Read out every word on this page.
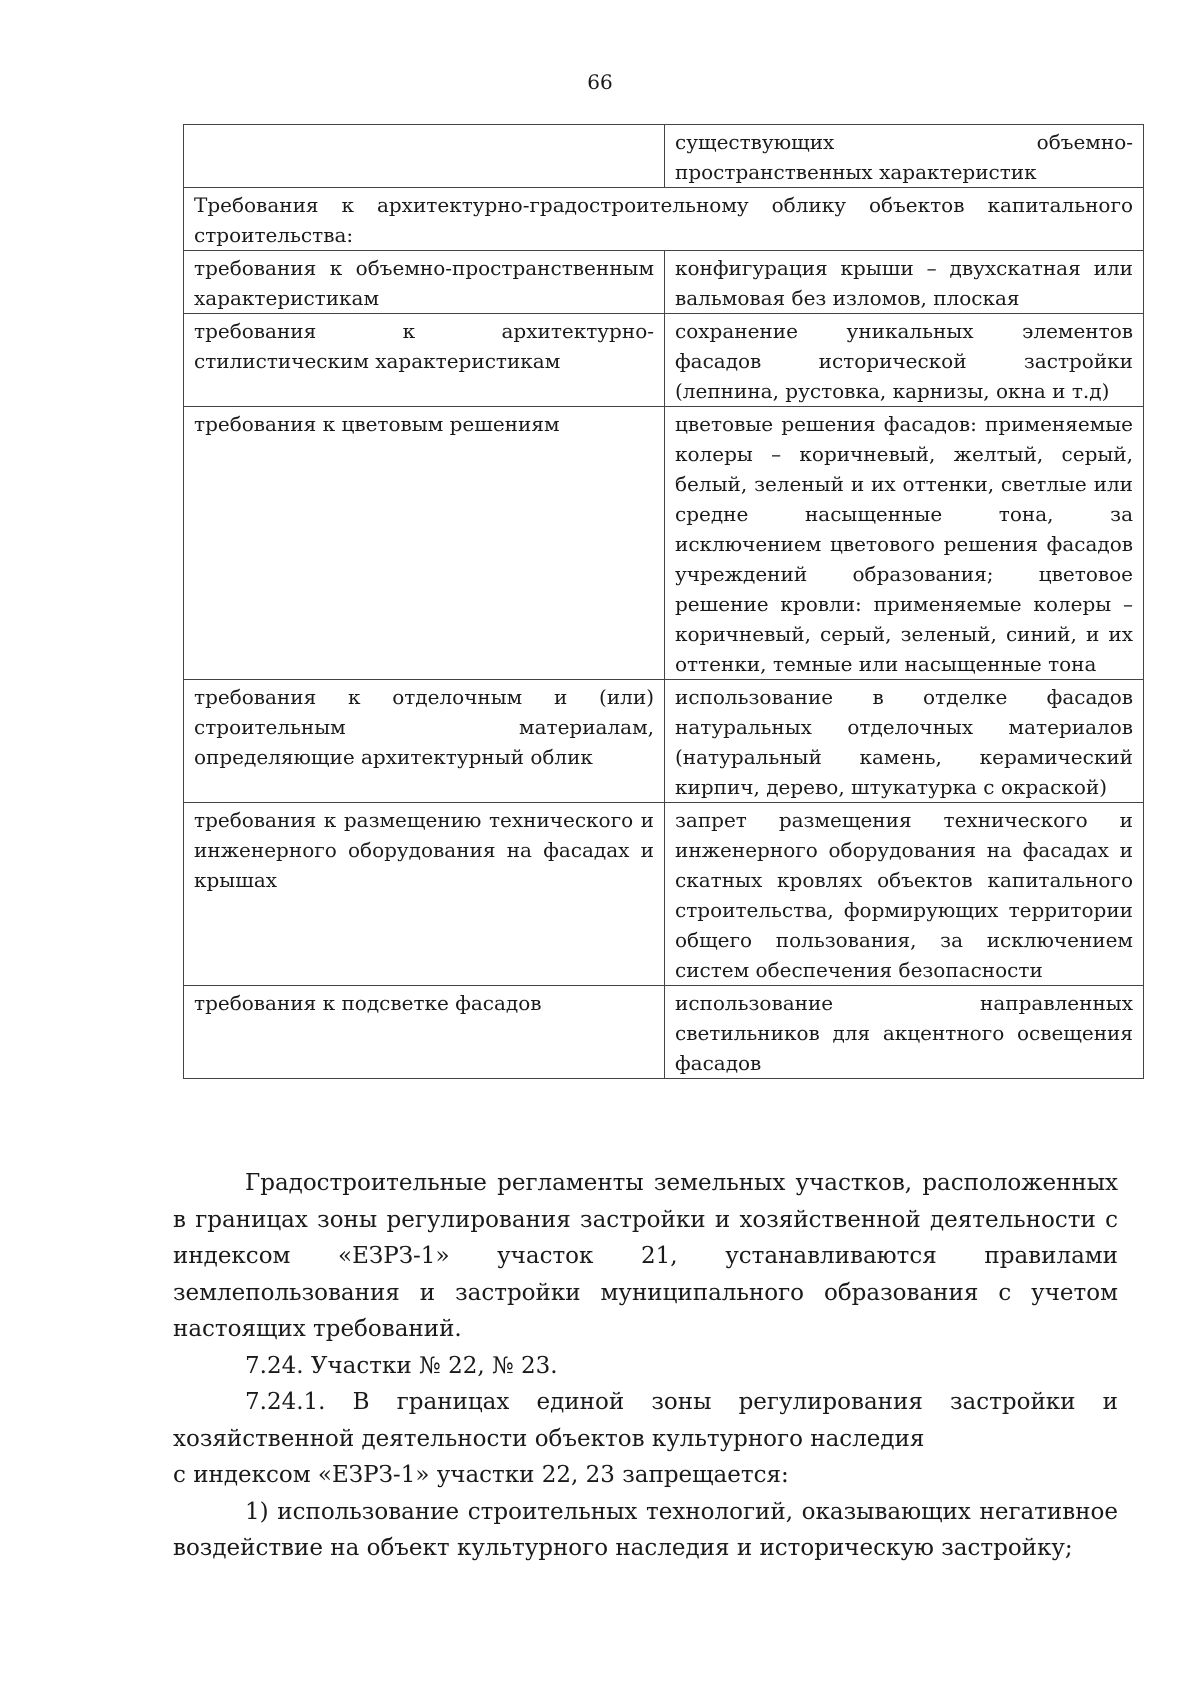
66
	существующих объемно-пространственных характеристик
Требования к архитектурно-градостроительному облику объектов капитального строительства:	
требования к объемно-пространственным характеристикам	конфигурация крыши – двухскатная или вальмовая без изломов, плоская
требования к архитектурно-стилистическим характеристикам	сохранение уникальных элементов фасадов исторической застройки (лепнина, рустовка, карнизы, окна и т.д)
требования к цветовым решениям	цветовые решения фасадов: применяемые колеры – коричневый, желтый, серый, белый, зеленый и их оттенки, светлые или средне насыщенные тона, за исключением цветового решения фасадов учреждений образования; цветовое решение кровли: применяемые колеры – коричневый, серый, зеленый, синий, и их оттенки, темные или насыщенные тона
требования к отделочным и (или) строительным материалам, определяющие архитектурный облик	использование в отделке фасадов натуральных отделочных материалов (натуральный камень, керамический кирпич, дерево, штукатурка с окраской)
требования к размещению технического и инженерного оборудования на фасадах и крышах	запрет размещения технического и инженерного оборудования на фасадах и скатных кровлях объектов капитального строительства, формирующих территории общего пользования, за исключением систем обеспечения безопасности
требования к подсветке фасадов	использование направленных светильников для акцентного освещения фасадов

Градостроительные регламенты земельных участков, расположенных в границах зоны регулирования застройки и хозяйственной деятельности с индексом «ЕЗРЗ-1» участок 21, устанавливаются правилами землепользования и застройки муниципального образования с учетом настоящих требований.

7.24. Участки № 22, № 23.

7.24.1. В границах единой зоны регулирования застройки и хозяйственной деятельности объектов культурного наследия

с индексом «ЕЗРЗ-1» участки 22, 23 запрещается:

1) использование строительных технологий, оказывающих негативное воздействие на объект культурного наследия и историческую застройку;
